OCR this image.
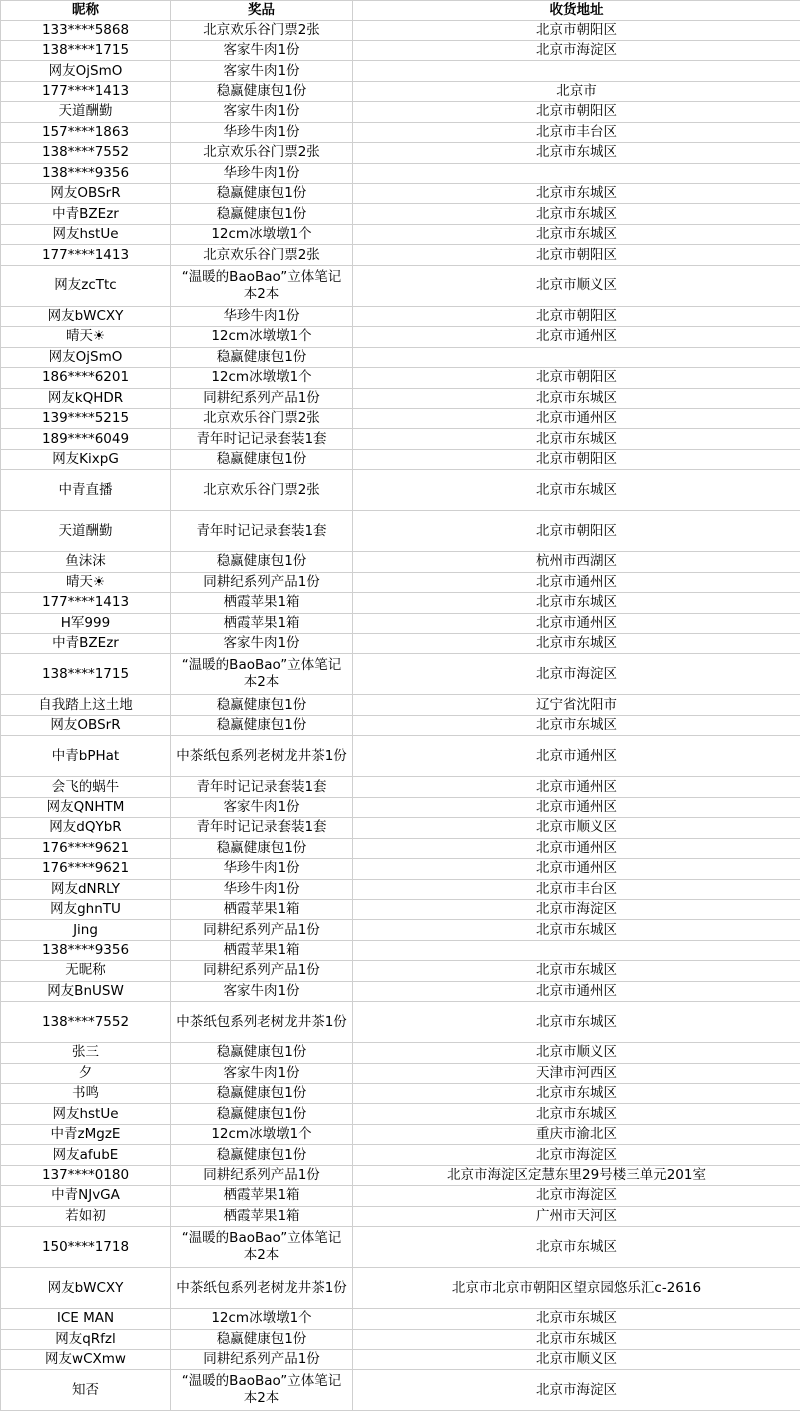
昵称	奖品	收货地址
133****5868	北京欢乐谷门票2张	北京市朝阳区
138****1715	客家牛肉1份	北京市海淀区
网友OjSmO	客家牛肉1份	
177****1413	稳赢健康包1份	北京市
天道酬勤	客家牛肉1份	北京市朝阳区
157****1863	华珍牛肉1份	北京市丰台区
138****7552	北京欢乐谷门票2张	北京市东城区
138****9356	华珍牛肉1份	
网友OBSrR	稳赢健康包1份	北京市东城区
中青BZEzr	稳赢健康包1份	北京市东城区
网友hstUe	12cm冰墩墩1个	北京市东城区
177****1413	北京欢乐谷门票2张	北京市朝阳区
网友zcTtc	“温暖的BaoBao”立体笔记本2本	北京市顺义区
网友bWCXY	华珍牛肉1份	北京市朝阳区
晴天☀	12cm冰墩墩1个	北京市通州区
网友OjSmO	稳赢健康包1份	
186****6201	12cm冰墩墩1个	北京市朝阳区
网友kQHDR	同耕纪系列产品1份	北京市东城区
139****5215	北京欢乐谷门票2张	北京市通州区
189****6049	青年时记记录套装1套	北京市东城区
网友KixpG	稳赢健康包1份	北京市朝阳区
中青直播	北京欢乐谷门票2张	北京市东城区
天道酬勤	青年时记记录套装1套	北京市朝阳区
鱼沫沫	稳赢健康包1份	杭州市西湖区
晴天☀	同耕纪系列产品1份	北京市通州区
177****1413	栖霞苹果1箱	北京市东城区
H军999	栖霞苹果1箱	北京市通州区
中青BZEzr	客家牛肉1份	北京市东城区
138****1715	“温暖的BaoBao”立体笔记本2本	北京市海淀区
自我踏上这土地	稳赢健康包1份	辽宁省沈阳市
网友OBSrR	稳赢健康包1份	北京市东城区
中青bPHat	中茶纸包系列老树龙井茶1份	北京市通州区
会飞的蜗牛	青年时记记录套装1套	北京市通州区
网友QNHTM	客家牛肉1份	北京市通州区
网友dQYbR	青年时记记录套装1套	北京市顺义区
176****9621	稳赢健康包1份	北京市通州区
176****9621	华珍牛肉1份	北京市通州区
网友dNRLY	华珍牛肉1份	北京市丰台区
网友ghnTU	栖霞苹果1箱	北京市海淀区
Jing	同耕纪系列产品1份	北京市东城区
138****9356	栖霞苹果1箱	
无昵称	同耕纪系列产品1份	北京市东城区
网友BnUSW	客家牛肉1份	北京市通州区
138****7552	中茶纸包系列老树龙井茶1份	北京市东城区
张三	稳赢健康包1份	北京市顺义区
夕	客家牛肉1份	天津市河西区
书鸣	稳赢健康包1份	北京市东城区
网友hstUe	稳赢健康包1份	北京市东城区
中青zMgzE	12cm冰墩墩1个	重庆市渝北区
网友afubE	稳赢健康包1份	北京市海淀区
137****0180	同耕纪系列产品1份	北京市海淀区定慧东里29号楼三单元201室
中青NJvGA	栖霞苹果1箱	北京市海淀区
若如初	栖霞苹果1箱	广州市天河区
150****1718	“温暖的BaoBao”立体笔记本2本	北京市东城区
网友bWCXY	中茶纸包系列老树龙井茶1份	北京市北京市朝阳区望京园悠乐汇c-2616
ICE MAN	12cm冰墩墩1个	北京市东城区
网友qRfzl	稳赢健康包1份	北京市东城区
网友wCXmw	同耕纪系列产品1份	北京市顺义区
知否	“温暖的BaoBao”立体笔记本2本	北京市海淀区
